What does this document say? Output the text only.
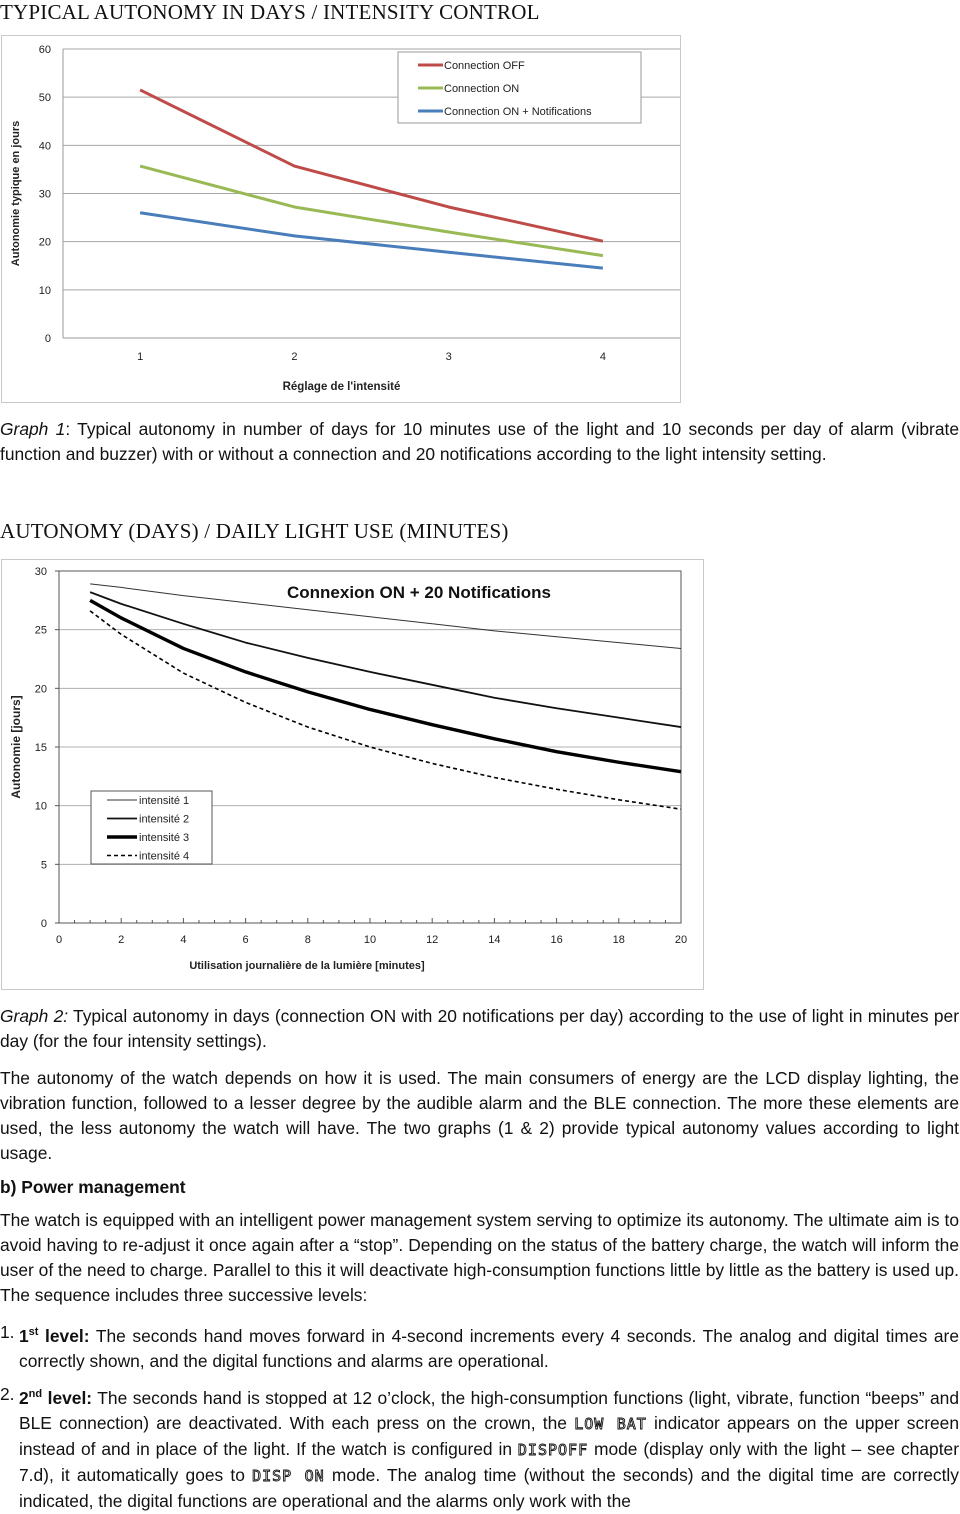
TYPICAL AUTONOMY IN DAYS / INTENSITY CONTROL
0
10
20
30
40
50
60
1	2	3	4
Réglage de l'intensité
Autonomie typique en jours
Connection OFF
Connection ON
Connection ON + Notifications
Graph 1: Typical autonomy in number of days for 10 minutes use of the light and 10 seconds per day of alarm (vibrate function and buzzer) with or without a connection and 20 notifications according to the light intensity setting.
AUTONOMY (DAYS) / DAILY LIGHT USE (MINUTES)
0
5
10
15
20
25
30
0	2	4	6	8	10	12	14	16	18	20
Utilisation journalière de la lumière [minutes]
Autonomie [jours]
Connexion ON + 20 Notifications
intensité 1
intensité 2
intensité 3
intensité 4
Graph 2: Typical autonomy in days (connection ON with 20 notifications per day) according to the use of light in minutes per day (for the four intensity settings).
The autonomy of the watch depends on how it is used. The main consumers of energy are the LCD display lighting, the vibration function, followed to a lesser degree by the audible alarm and the BLE connection. The more these elements are used, the less autonomy the watch will have. The two graphs (1 & 2) provide typical autonomy values according to light usage.
b) Power management
The watch is equipped with an intelligent power management system serving to optimize its autonomy. The ultimate aim is to avoid having to re-adjust it once again after a “stop”. Depending on the status of the battery charge, the watch will inform the user of the need to charge. Parallel to this it will deactivate high-consumption functions little by little as the battery is used up. The sequence includes three successive levels:
1. 1st level: The seconds hand moves forward in 4-second increments every 4 seconds. The analog and digital times are correctly shown, and the digital functions and alarms are operational.
2. 2nd level: The seconds hand is stopped at 12 o’clock, the high-consumption functions (light, vibrate, function “beeps” and BLE connection) are deactivated. With each press on the crown, the LOW BAT indicator appears on the upper screen instead of and in place of the light. If the watch is configured in DISPOFF mode (display only with the light – see chapter 7.d), it automatically goes to DISP ON mode. The analog time (without the seconds) and the digital time are correctly indicated, the digital functions are operational and the alarms only work with the
